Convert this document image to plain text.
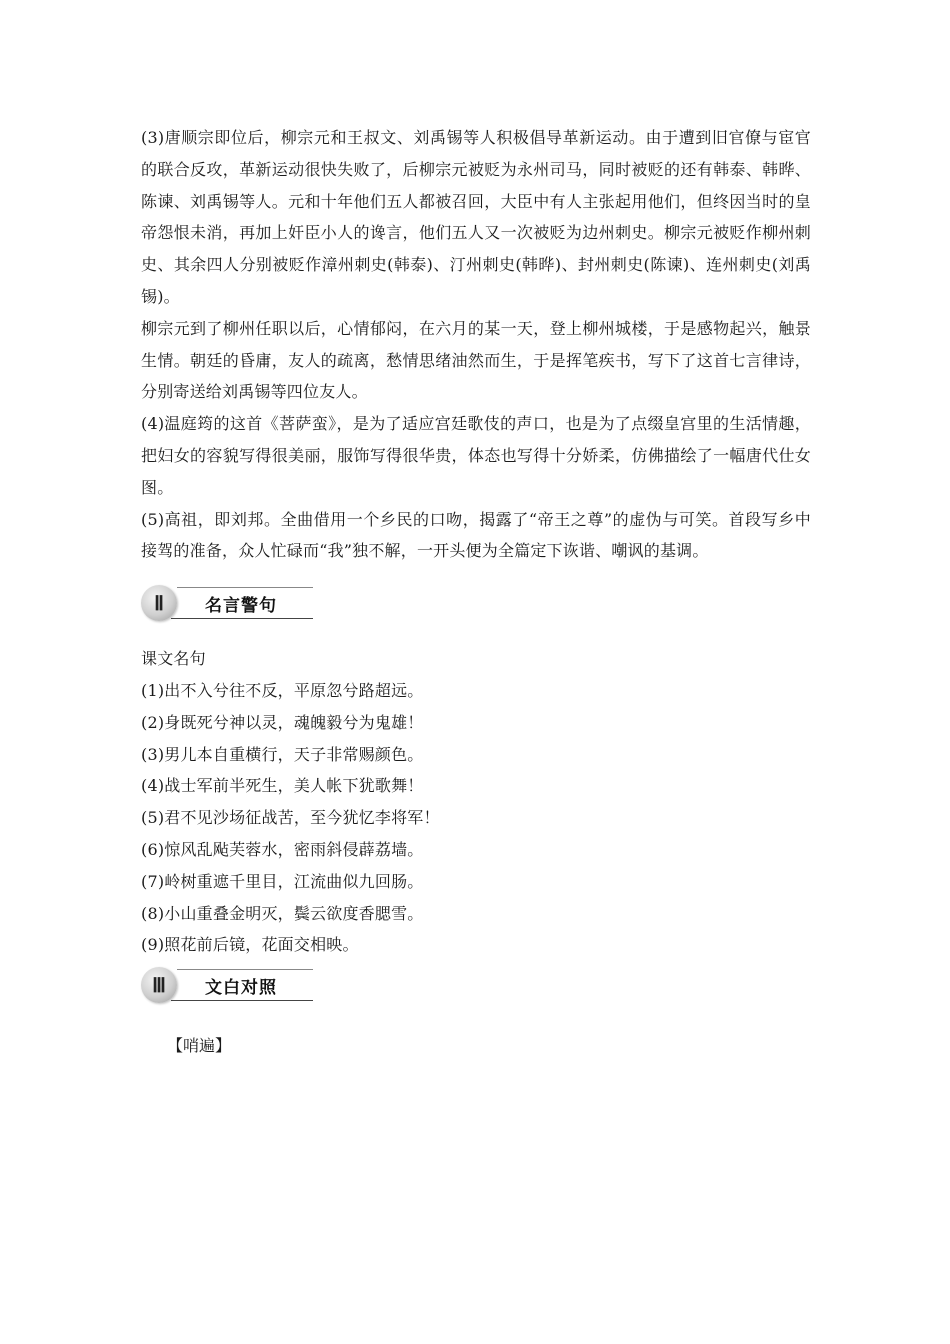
(3)唐顺宗即位后，柳宗元和王叔文、刘禹锡等人积极倡导革新运动。由于遭到旧官僚与宦官的联合反攻，革新运动很快失败了，后柳宗元被贬为永州司马，同时被贬的还有韩泰、韩晔、陈谏、刘禹锡等人。元和十年他们五人都被召回，大臣中有人主张起用他们，但终因当时的皇帝怨恨未消，再加上奸臣小人的谗言，他们五人又一次被贬为边州刺史。柳宗元被贬作柳州刺史、其余四人分别被贬作漳州刺史(韩泰)、汀州刺史(韩晔)、封州刺史(陈谏)、连州刺史(刘禹锡)。

柳宗元到了柳州任职以后，心情郁闷，在六月的某一天，登上柳州城楼，于是感物起兴，触景生情。朝廷的昏庸，友人的疏离，愁情思绪油然而生，于是挥笔疾书，写下了这首七言律诗，分别寄送给刘禹锡等四位友人。

(4)温庭筠的这首《菩萨蛮》，是为了适应宫廷歌伎的声口，也是为了点缀皇宫里的生活情趣，把妇女的容貌写得很美丽，服饰写得很华贵，体态也写得十分娇柔，仿佛描绘了一幅唐代仕女图。

(5)高祖，即刘邦。全曲借用一个乡民的口吻，揭露了“帝王之尊”的虚伪与可笑。首段写乡中接驾的准备，众人忙碌而“我”独不解，一开头便为全篇定下诙谐、嘲讽的基调。

Ⅱ	名言警句

课文名句

(1)出不入兮往不反，平原忽兮路超远。

(2)身既死兮神以灵，魂魄毅兮为鬼雄！

(3)男儿本自重横行，天子非常赐颜色。

(4)战士军前半死生，美人帐下犹歌舞！

(5)君不见沙场征战苦，至今犹忆李将军！

(6)惊风乱飐芙蓉水，密雨斜侵薜荔墙。

(7)岭树重遮千里目，江流曲似九回肠。

(8)小山重叠金明灭，鬓云欲度香腮雪。

(9)照花前后镜，花面交相映。

Ⅲ	文白对照
【哨遍】
